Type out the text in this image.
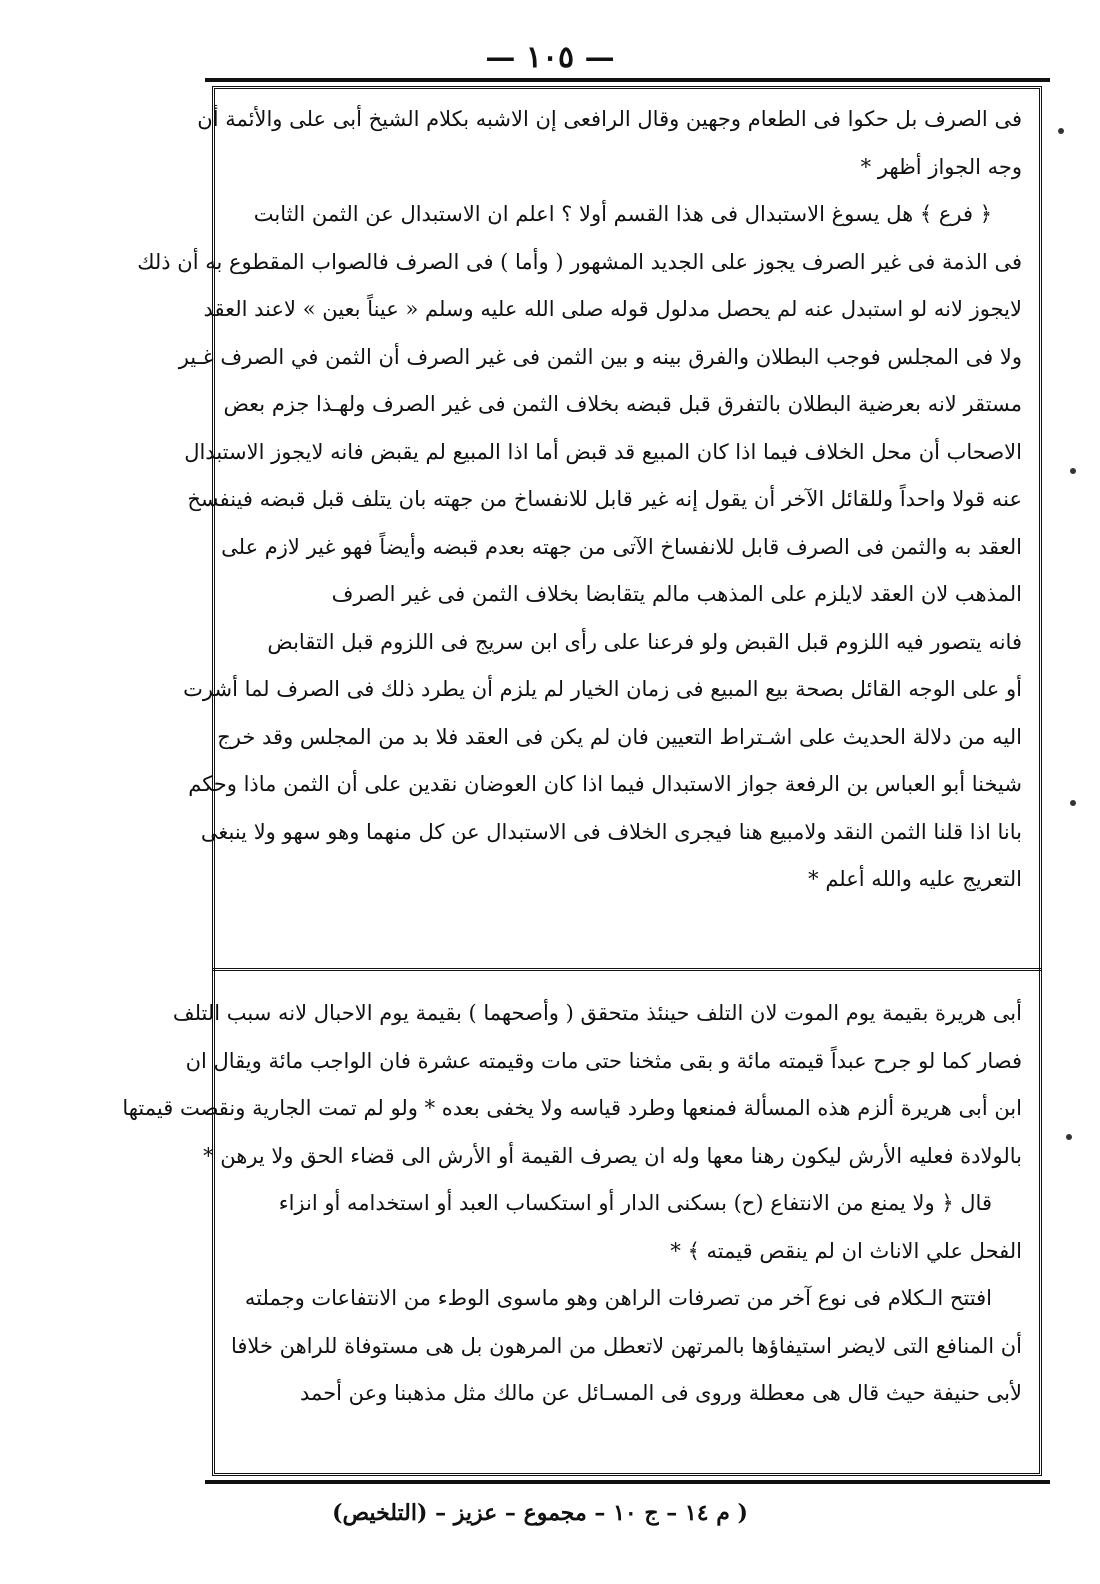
— ١٠٥ —
فى الصرف بل حكوا فى الطعام وجهين وقال الرافعى إن الاشبه بكلام الشيخ أبى على والأئمة أن
وجه الجواز أظهر *
﴿ فرع ﴾ هل يسوغ الاستبدال فى هذا القسم أولا ؟ اعلم ان الاستبدال عن الثمن الثابت
فى الذمة فى غير الصرف يجوز على الجديد المشهور ( وأما ) فى الصرف فالصواب المقطوع به أن ذلك
لايجوز لانه لو استبدل عنه لم يحصل مدلول قوله صلى الله عليه وسلم « عيناً بعين » لاعند العقد
ولا فى المجلس فوجب البطلان والفرق بينه و بين الثمن فى غير الصرف أن الثمن في الصرف غـير
مستقر لانه بعرضية البطلان بالتفرق قبل قبضه بخلاف الثمن فى غير الصرف ولهـذا جزم بعض
الاصحاب أن محل الخلاف فيما اذا كان المبيع قد قبض أما اذا المبيع لم يقبض فانه لايجوز الاستبدال
عنه قولا واحداً وللقائل الآخر أن يقول إنه غير قابل للانفساخ من جهته بان يتلف قبل قبضه فينفسخ
العقد به والثمن فى الصرف قابل للانفساخ الآتى من جهته بعدم قبضه وأيضاً فهو غير لازم على
المذهب لان العقد لايلزم على المذهب مالم يتقابضا بخلاف الثمن فى غير الصرف
فانه يتصور فيه اللزوم قبل القبض ولو فرعنا على رأى ابن سريج فى اللزوم قبل التقابض
أو على الوجه القائل بصحة بيع المبيع فى زمان الخيار لم يلزم أن يطرد ذلك فى الصرف لما أشرت
اليه من دلالة الحديث على اشـتراط التعيين فان لم يكن فى العقد فلا بد من المجلس وقد خرج
شيخنا أبو العباس بن الرفعة جواز الاستبدال فيما اذا كان العوضان نقدين على أن الثمن ماذا وحكم
بانا اذا قلنا الثمن النقد ولامبيع هنا فيجرى الخلاف فى الاستبدال عن كل منهما وهو سهو ولا ينبغى
التعريج عليه والله أعلم *
أبى هريرة بقيمة يوم الموت لان التلف حينئذ متحقق ( وأصحهما ) بقيمة يوم الاحبال لانه سبب التلف
فصار كما لو جرح عبداً قيمته مائة و بقى مثخنا حتى مات وقيمته عشرة فان الواجب مائة ويقال ان
ابن أبى هريرة ألزم هذه المسألة فمنعها وطرد قياسه ولا يخفى بعده * ولو لم تمت الجارية ونقصت قيمتها
بالولادة فعليه الأرش ليكون رهنا معها وله ان يصرف القيمة أو الأرش الى قضاء الحق ولا يرهن *
قال ﴿ ولا يمنع من الانتفاع (ح) بسكنى الدار أو استكساب العبد أو استخدامه أو انزاء
الفحل علي الاناث ان لم ينقص قيمته ﴾ *
افتتح الـكلام فى نوع آخر من تصرفات الراهن وهو ماسوى الوطء من الانتفاعات وجملته
أن المنافع التى لايضر استيفاؤها بالمرتهن لاتعطل من المرهون بل هى مستوفاة للراهن خلافا
لأبى حنيفة حيث قال هى معطلة وروى فى المسـائل عن مالك مثل مذهبنا وعن أحمد
( م ١٤ – ج ١٠ – مجموع – عزيز – (التلخيص)
